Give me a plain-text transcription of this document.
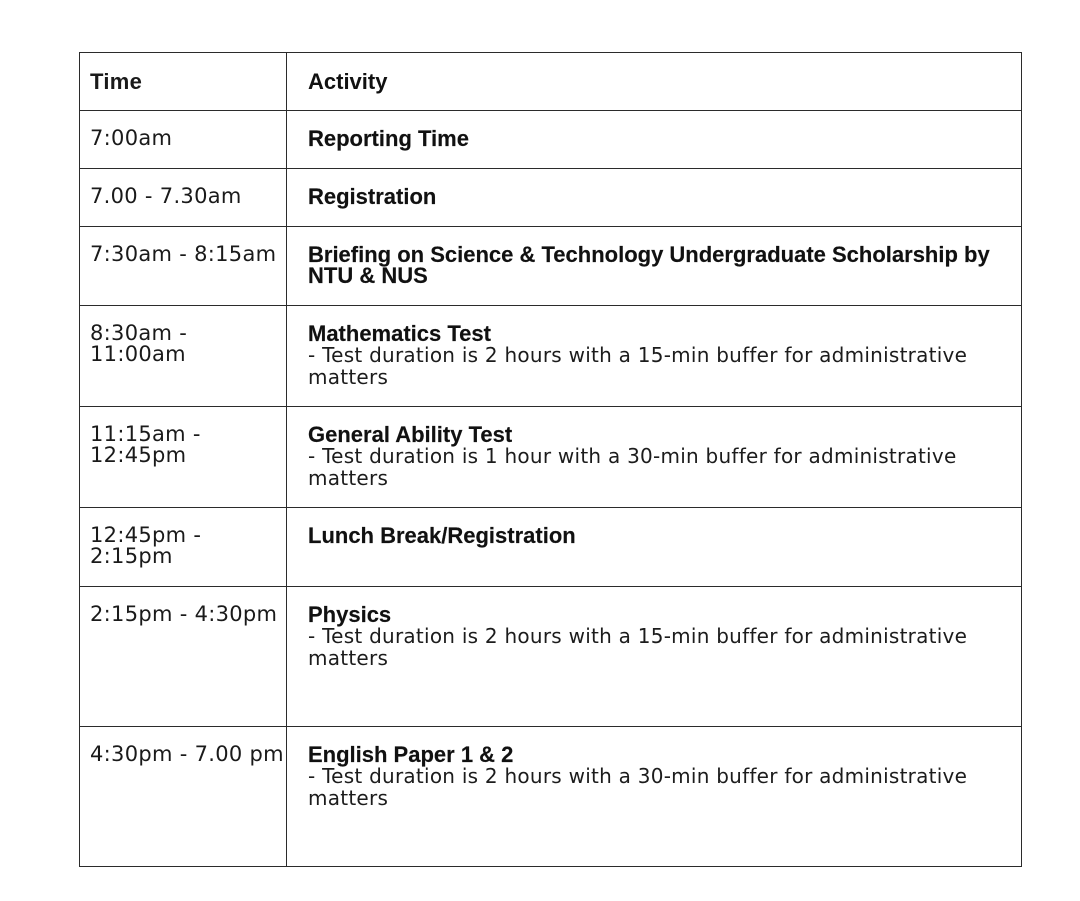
Time	Activity
7:00am	Reporting Time

7.00 - 7.30am	Registration

7:30am - 8:15am	Briefing on Science & Technology Undergraduate Scholarship by NTU & NUS

8:30am - 11:00am	Mathematics Test
- Test duration is 2 hours with a 15-min buffer for administrative matters

11:15am - 12:45pm	General Ability Test
- Test duration is 1 hour with a 30-min buffer for administrative matters

12:45pm - 2:15pm	Lunch Break/Registration

2:15pm - 4:30pm	Physics
- Test duration is 2 hours with a 15-min buffer for administrative matters

4:30pm - 7.00 pm	English Paper 1 & 2
- Test duration is 2 hours with a 30-min buffer for administrative matters
